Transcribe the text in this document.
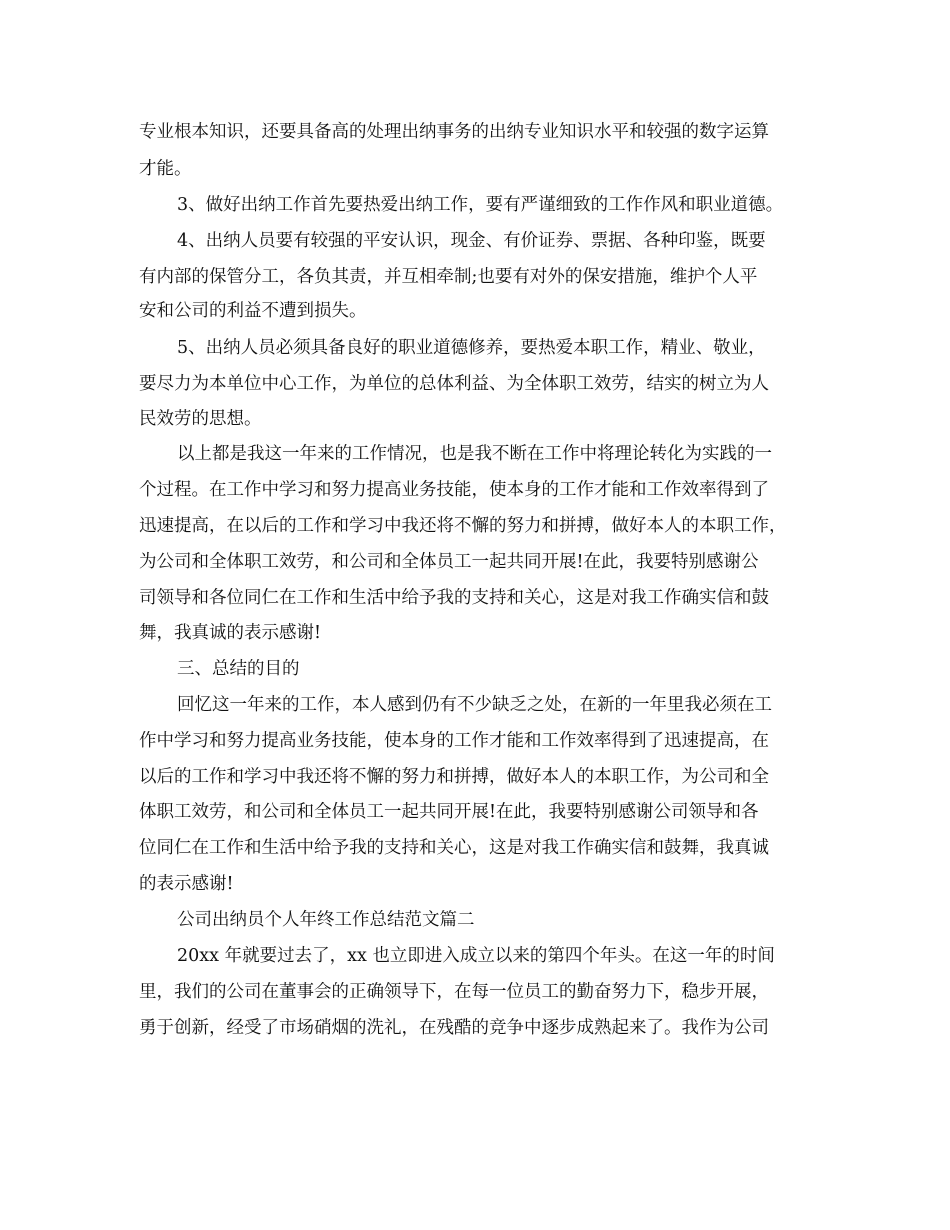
专业根本知识，还要具备高的处理出纳事务的出纳专业知识水平和较强的数字运算
才能。
3、做好出纳工作首先要热爱出纳工作，要有严谨细致的工作作风和职业道德。
4、出纳人员要有较强的平安认识，现金、有价证券、票据、各种印鉴，既要
有内部的保管分工，各负其责，并互相牵制;也要有对外的保安措施，维护个人平
安和公司的利益不遭到损失。
5、出纳人员必须具备良好的职业道德修养，要热爱本职工作，精业、敬业，
要尽力为本单位中心工作，为单位的总体利益、为全体职工效劳，结实的树立为人
民效劳的思想。
以上都是我这一年来的工作情况，也是我不断在工作中将理论转化为实践的一
个过程。在工作中学习和努力提高业务技能，使本身的工作才能和工作效率得到了
迅速提高，在以后的工作和学习中我还将不懈的努力和拼搏，做好本人的本职工作，
为公司和全体职工效劳，和公司和全体员工一起共同开展!在此，我要特别感谢公
司领导和各位同仁在工作和生活中给予我的支持和关心，这是对我工作确实信和鼓
舞，我真诚的表示感谢!
三、总结的目的
回忆这一年来的工作，本人感到仍有不少缺乏之处，在新的一年里我必须在工
作中学习和努力提高业务技能，使本身的工作才能和工作效率得到了迅速提高，在
以后的工作和学习中我还将不懈的努力和拼搏，做好本人的本职工作，为公司和全
体职工效劳，和公司和全体员工一起共同开展!在此，我要特别感谢公司领导和各
位同仁在工作和生活中给予我的支持和关心，这是对我工作确实信和鼓舞，我真诚
的表示感谢!
公司出纳员个人年终工作总结范文篇二
20xx 年就要过去了，xx 也立即进入成立以来的第四个年头。在这一年的时间
里，我们的公司在董事会的正确领导下，在每一位员工的勤奋努力下，稳步开展，
勇于创新，经受了市场硝烟的洗礼，在残酷的竞争中逐步成熟起来了。我作为公司
